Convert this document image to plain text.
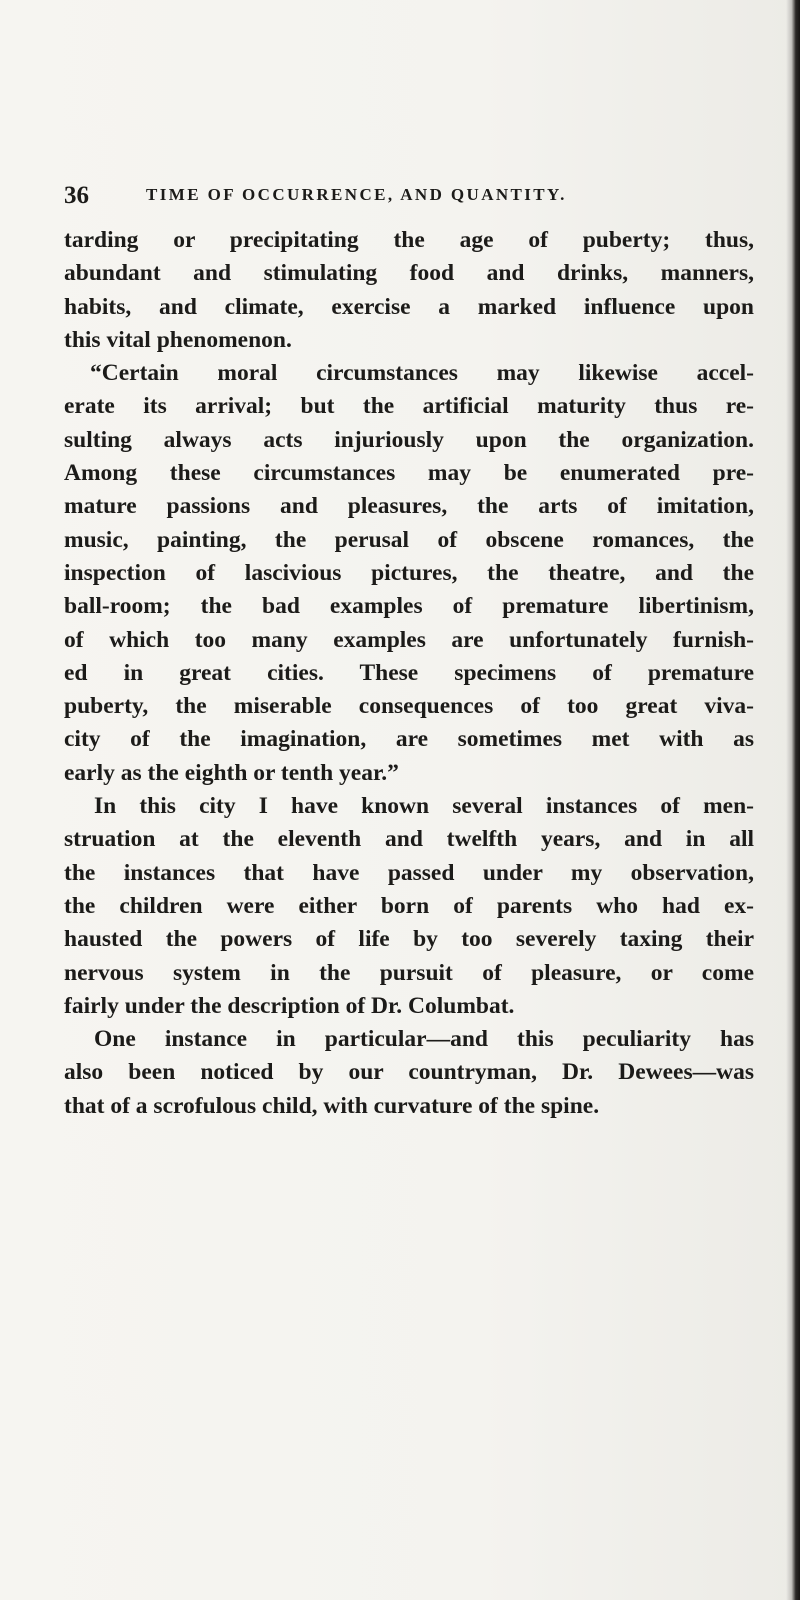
36	TIME OF OCCURRENCE, AND QUANTITY.
tarding or precipitating the age of puberty; thus,
abundant and stimulating food and drinks, manners,
habits, and climate, exercise a marked influence upon
this vital phenomenon.
“Certain moral circumstances may likewise accel-
erate its arrival; but the artificial maturity thus re-
sulting always acts injuriously upon the organization.
Among these circumstances may be enumerated pre-
mature passions and pleasures, the arts of imitation,
music, painting, the perusal of obscene romances, the
inspection of lascivious pictures, the theatre, and the
ball-room; the bad examples of premature libertinism,
of which too many examples are unfortunately furnish-
ed in great cities. These specimens of premature
puberty, the miserable consequences of too great viva-
city of the imagination, are sometimes met with as
early as the eighth or tenth year.”
In this city I have known several instances of men-
struation at the eleventh and twelfth years, and in all
the instances that have passed under my observation,
the children were either born of parents who had ex-
hausted the powers of life by too severely taxing their
nervous system in the pursuit of pleasure, or come
fairly under the description of Dr. Columbat.
One instance in particular—and this peculiarity has
also been noticed by our countryman, Dr. Dewees—was
that of a scrofulous child, with curvature of the spine.
